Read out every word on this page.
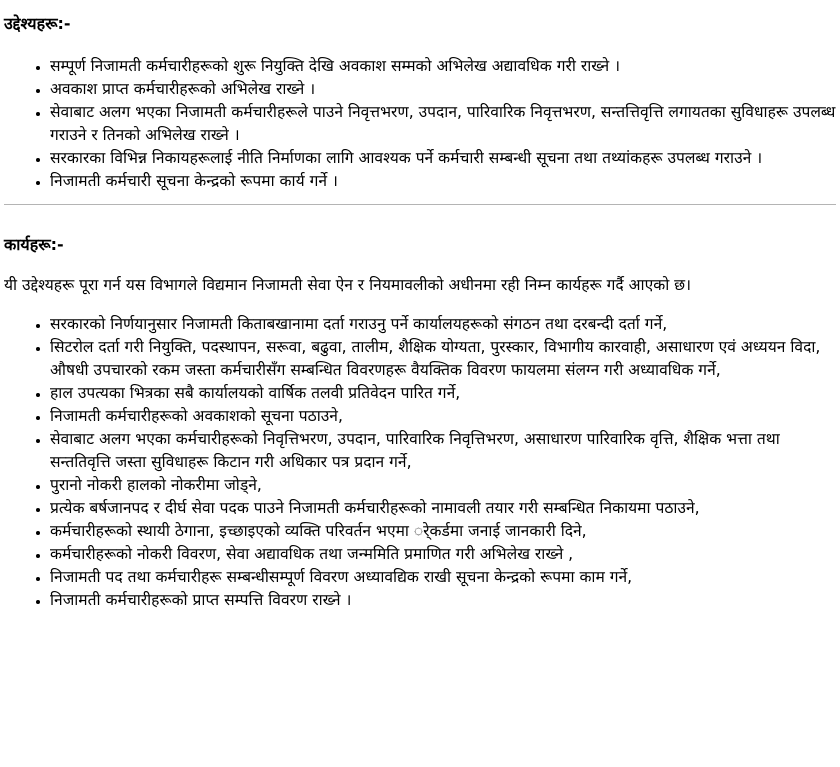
उद्देश्यहरू:-
• सम्पूर्ण निजामती कर्मचारीहरूको शुरू नियुक्ति देखि अवकाश सम्मको अभिलेख अद्यावधिक गरी राख्ने ।
• अवकाश प्राप्त कर्मचारीहरूको अभिलेख राख्ने ।
• सेवाबाट अलग भएका निजामती कर्मचारीहरूले पाउने निवृत्तभरण, उपदान, पारिवारिक निवृत्तभरण, सन्तत्तिवृत्ति लगायतका सुविधाहरू उपलब्ध गराउने र तिनको अभिलेख राख्ने ।
• सरकारका विभिन्न निकायहरूलाई नीति निर्माणका लागि आवश्यक पर्ने कर्मचारी सम्बन्धी सूचना तथा तथ्यांकहरू उपलब्ध गराउने ।
• निजामती कर्मचारी सूचना केन्द्रको रूपमा कार्य गर्ने ।
कार्यहरू:-

यी उद्देश्यहरू पूरा गर्न यस विभागले विद्यमान निजामती सेवा ऐन र नियमावलीको अधीनमा रही निम्न कार्यहरू गर्दै आएको छ।

• सरकारको निर्णयानुसार निजामती किताबखानामा दर्ता गराउनु पर्ने कार्यालयहरूको संगठन तथा दरबन्दी दर्ता गर्ने,
• सिटरोल दर्ता गरी नियुक्ति, पदस्थापन, सरूवा, बढुवा, तालीम, शैक्षिक योग्यता, पुरस्कार, विभागीय कारवाही, असाधारण एवं अध्ययन विदा, औषधी उपचारको रकम जस्ता कर्मचारीसँग सम्बन्धित विवरणहरू वैयक्तिक विवरण फायलमा संलग्न गरी अध्यावधिक गर्ने,
• हाल उपत्यका भित्रका सबै कार्यालयको वार्षिक तलवी प्रतिवेदन पारित गर्ने,
• निजामती कर्मचारीहरूको अवकाशको सूचना पठाउने,
• सेवाबाट अलग भएका कर्मचारीहरूको निवृत्तिभरण, उपदान, पारिवारिक निवृत्तिभरण, असाधारण पारिवारिक वृत्ति, शैक्षिक भत्ता तथा सन्ततिवृत्ति जस्ता सुविधाहरू किटान गरी अधिकार पत्र प्रदान गर्ने,
• पुरानो नोकरी हालको नोकरीमा जोड्ने,
• प्रत्येक बर्षजानपद र दीर्घ सेवा पदक पाउने निजामती कर्मचारीहरूको नामावली तयार गरी सम्बन्धित निकायमा पठाउने,
• कर्मचारीहरूको स्थायी ठेगाना, इच्छाइएको व्यक्ति परिवर्तन भएमा र्ेकर्डमा जनाई जानकारी दिने,
• कर्मचारीहरूको नोकरी विवरण, सेवा अद्यावधिक तथा जन्ममिति प्रमाणित गरी अभिलेख राख्ने ,
• निजामती पद तथा कर्मचारीहरू सम्बन्धीसम्पूर्ण विवरण अध्यावद्यिक राखी सूचना केन्द्रको रूपमा काम गर्ने,
• निजामती कर्मचारीहरूको प्राप्त सम्पत्ति विवरण राख्ने ।
